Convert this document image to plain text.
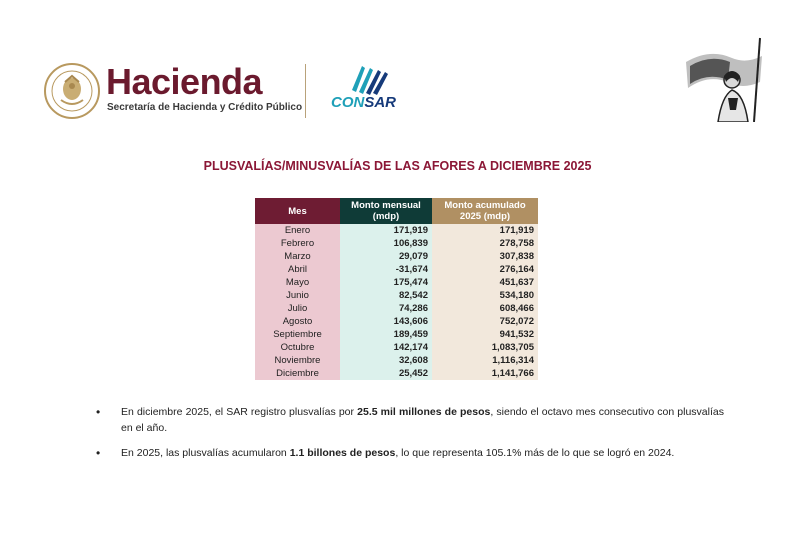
Hacienda
Secretaría de Hacienda y Crédito Público CONSAR
PLUSVALÍAS/MINUSVALÍAS DE LAS AFORES A DICIEMBRE 2025
Mes	Monto mensual (mdp)	Monto acumulado 2025 (mdp)
Enero	171,919	171,919
Febrero	106,839	278,758
Marzo	29,079	307,838
Abril	-31,674	276,164
Mayo	175,474	451,637
Junio	82,542	534,180
Julio	74,286	608,466
Agosto	143,606	752,072
Septiembre	189,459	941,532
Octubre	142,174	1,083,705
Noviembre	32,608	1,116,314
Diciembre	25,452	1,141,766
• En diciembre 2025, el SAR registro plusvalías por 25.5 mil millones de pesos, siendo el octavo mes consecutivo con plusvalías en el año.
• En 2025, las plusvalías acumularon 1.1 billones de pesos, lo que representa 105.1% más de lo que se logró en 2024.
